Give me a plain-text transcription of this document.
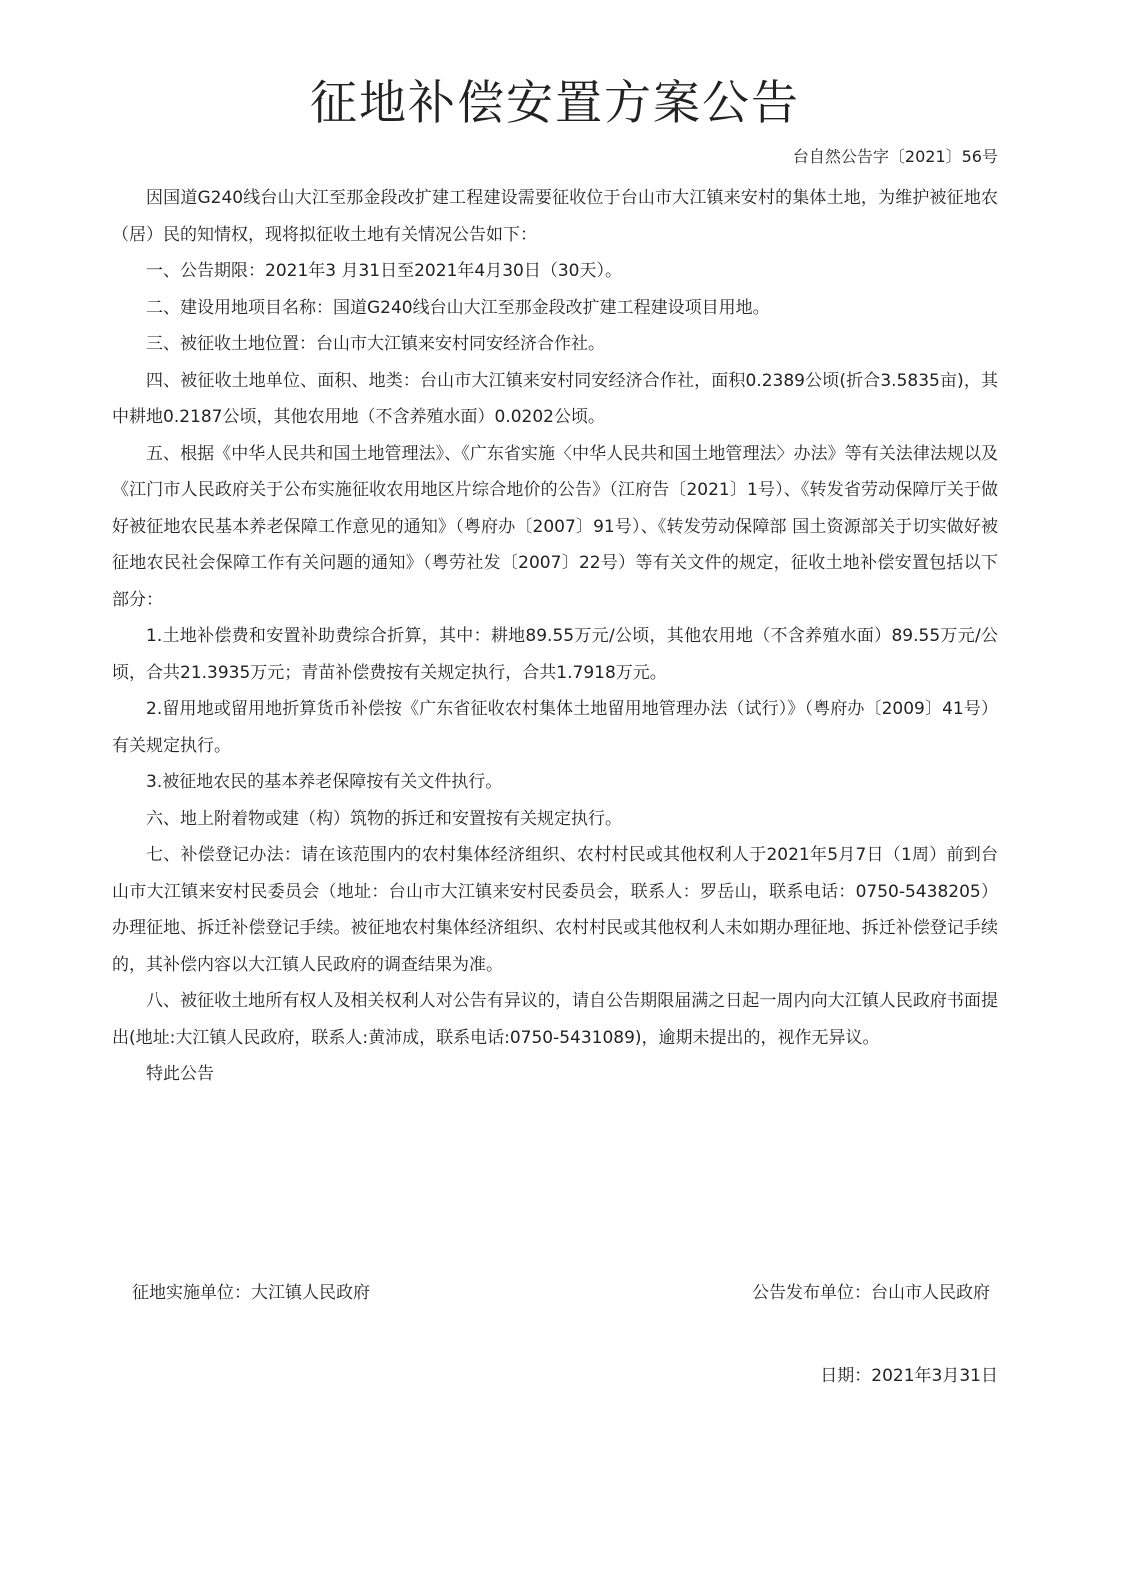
征地补偿安置方案公告
台自然公告字〔2021〕56号

因国道G240线台山大江至那金段改扩建工程建设需要征收位于台山市大江镇来安村的集体土地，为维护被征地农（居）民的知情权，现将拟征收土地有关情况公告如下：

一、公告期限：2021年3 月31日至2021年4月30日（30天）。

二、建设用地项目名称：国道G240线台山大江至那金段改扩建工程建设项目用地。

三、被征收土地位置：台山市大江镇来安村同安经济合作社。

四、被征收土地单位、面积、地类：台山市大江镇来安村同安经济合作社，面积0.2389公顷(折合3.5835亩)，其中耕地0.2187公顷，其他农用地（不含养殖水面）0.0202公顷。

五、根据《中华人民共和国土地管理法》、《广东省实施〈中华人民共和国土地管理法〉办法》等有关法律法规以及《江门市人民政府关于公布实施征收农用地区片综合地价的公告》（江府告〔2021〕1号）、《转发省劳动保障厅关于做好被征地农民基本养老保障工作意见的通知》（粤府办〔2007〕91号）、《转发劳动保障部 国土资源部关于切实做好被征地农民社会保障工作有关问题的通知》（粤劳社发〔2007〕22号）等有关文件的规定，征收土地补偿安置包括以下部分：

1.土地补偿费和安置补助费综合折算，其中：耕地89.55万元/公顷，其他农用地（不含养殖水面）89.55万元/公顷，合共21.3935万元；青苗补偿费按有关规定执行，合共1.7918万元。

2.留用地或留用地折算货币补偿按《广东省征收农村集体土地留用地管理办法（试行）》（粤府办〔2009〕41号）有关规定执行。

3.被征地农民的基本养老保障按有关文件执行。

六、地上附着物或建（构）筑物的拆迁和安置按有关规定执行。

七、补偿登记办法：请在该范围内的农村集体经济组织、农村村民或其他权利人于2021年5月7日（1周）前到台山市大江镇来安村民委员会（地址：台山市大江镇来安村民委员会，联系人：罗岳山，联系电话：0750-5438205）办理征地、拆迁补偿登记手续。被征地农村集体经济组织、农村村民或其他权利人未如期办理征地、拆迁补偿登记手续的，其补偿内容以大江镇人民政府的调查结果为准。

八、被征收土地所有权人及相关权利人对公告有异议的，请自公告期限届满之日起一周内向大江镇人民政府书面提出(地址:大江镇人民政府，联系人:黄沛成，联系电话:0750-5431089)，逾期未提出的，视作无异议。

特此公告

征地实施单位：大江镇人民政府	公告发布单位：台山市人民政府
日期：2021年3月31日
